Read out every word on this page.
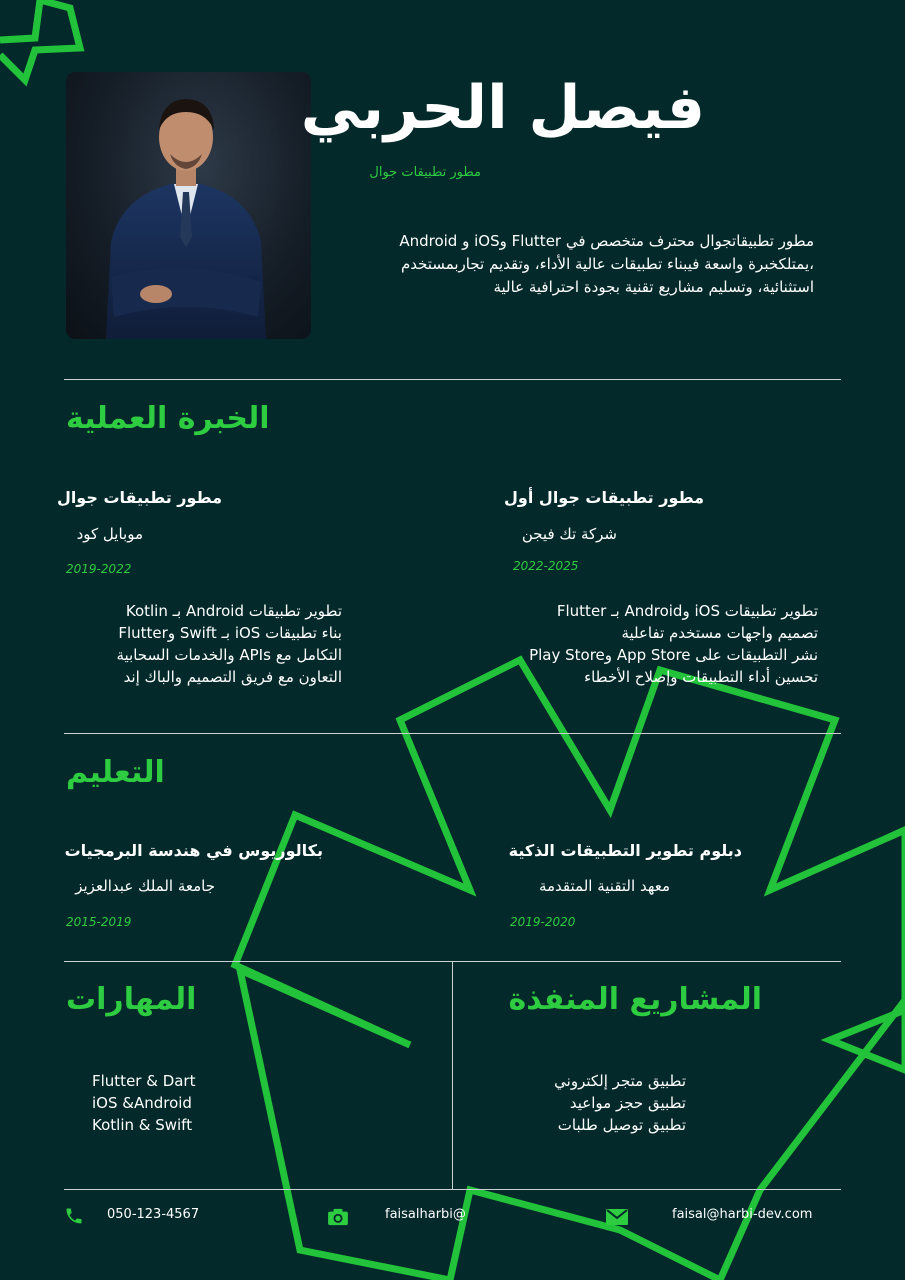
فيصل الحربي
مطور تطبيقات جوال
مطور تطبيقاتجوال محترف متخصص في Flutter وiOS و Android ،يمتلكخبرة واسعة فيبناء تطبيقات عالية الأداء، وتقديم تجاربمستخدم استثنائية، وتسليم مشاريع تقنية بجودة احترافية عالية
الخبرة العملية
مطور تطبيقات جوال أول
شركة تك فيجن
2022-2025
تطوير تطبيقات iOS وAndroid بـ Flutter
تصميم واجهات مستخدم تفاعلية
نشر التطبيقات على App Store وPlay Store
تحسين أداء التطبيقات وإصلاح الأخطاء
مطور تطبيقات جوال
موبايل كود
2019-2022
تطوير تطبيقات Android بـ Kotlin
بناء تطبيقات iOS بـ Swift وFlutter
التكامل مع APIs والخدمات السحابية
التعاون مع فريق التصميم والباك إند
التعليم
دبلوم تطوير التطبيقات الذكية
معهد التقنية المتقدمة
2019-2020
بكالوريوس في هندسة البرمجيات
جامعة الملك عبدالعزيز
2015-2019
المشاريع المنفذة
تطبيق متجر إلكتروني
تطبيق حجز مواعيد
تطبيق توصيل طلبات
المهارات
Flutter & Dart
iOS &Android
Kotlin & Swift
050-123-4567	faisalharbi@	faisal@harbi-dev.com
